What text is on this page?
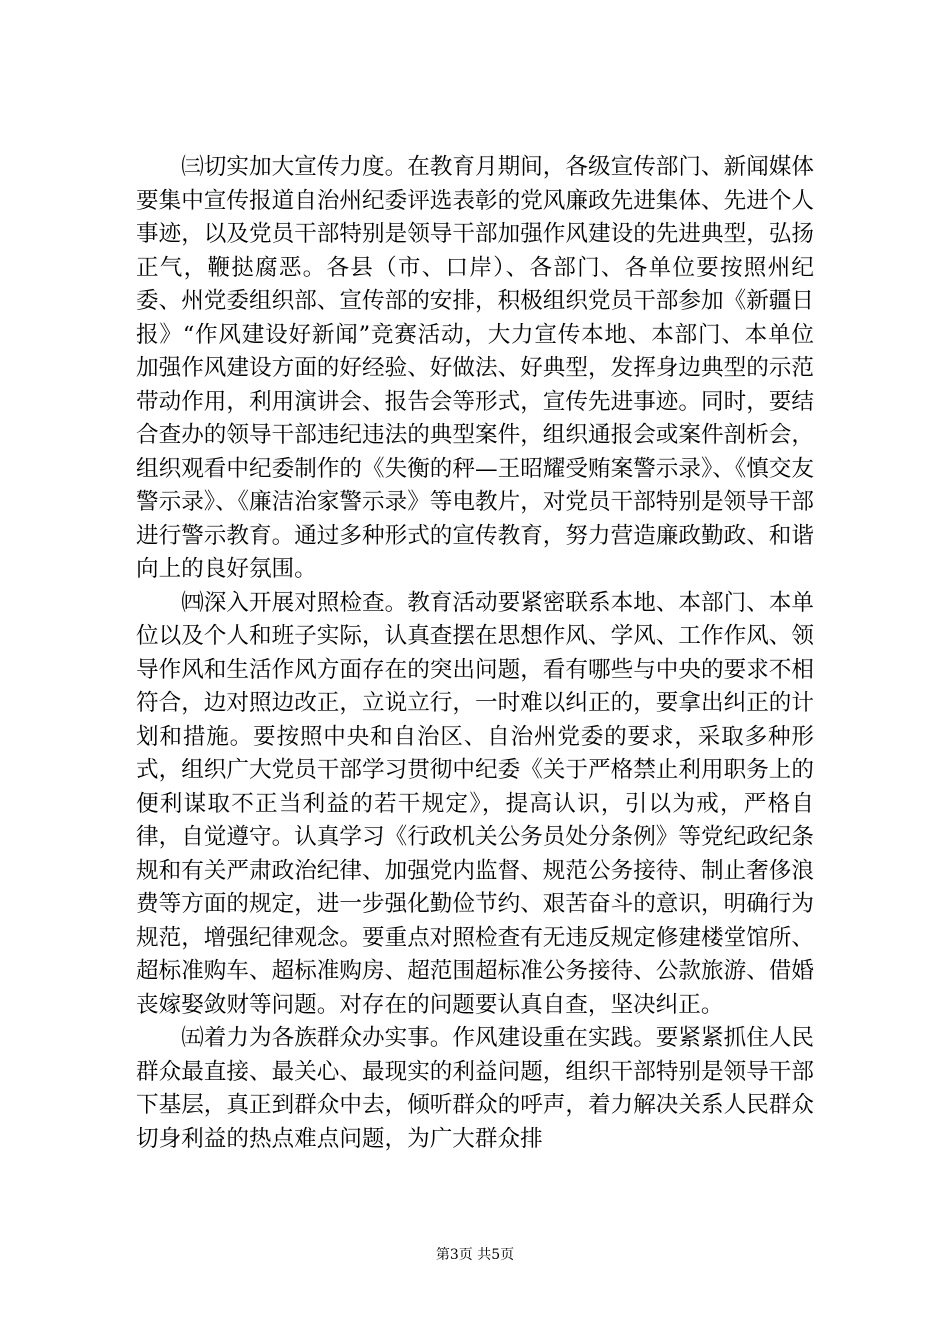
㈢切实加大宣传力度。在教育月期间，各级宣传部门、新闻媒体要集中宣传报道自治州纪委评选表彰的党风廉政先进集体、先进个人事迹，以及党员干部特别是领导干部加强作风建设的先进典型，弘扬正气，鞭挞腐恶。各县（市、口岸）、各部门、各单位要按照州纪委、州党委组织部、宣传部的安排，积极组织党员干部参加《新疆日报》“作风建设好新闻”竞赛活动，大力宣传本地、本部门、本单位加强作风建设方面的好经验、好做法、好典型，发挥身边典型的示范带动作用，利用演讲会、报告会等形式，宣传先进事迹。同时，要结合查办的领导干部违纪违法的典型案件，组织通报会或案件剖析会，组织观看中纪委制作的《失衡的秤—王昭耀受贿案警示录》、《慎交友警示录》、《廉洁治家警示录》等电教片，对党员干部特别是领导干部进行警示教育。通过多种形式的宣传教育，努力营造廉政勤政、和谐向上的良好氛围。

㈣深入开展对照检查。教育活动要紧密联系本地、本部门、本单位以及个人和班子实际，认真查摆在思想作风、学风、工作作风、领导作风和生活作风方面存在的突出问题，看有哪些与中央的要求不相符合，边对照边改正，立说立行，一时难以纠正的，要拿出纠正的计划和措施。要按照中央和自治区、自治州党委的要求，采取多种形式，组织广大党员干部学习贯彻中纪委《关于严格禁止利用职务上的便利谋取不正当利益的若干规定》，提高认识，引以为戒，严格自律，自觉遵守。认真学习《行政机关公务员处分条例》等党纪政纪条规和有关严肃政治纪律、加强党内监督、规范公务接待、制止奢侈浪费等方面的规定，进一步强化勤俭节约、艰苦奋斗的意识，明确行为规范，增强纪律观念。要重点对照检查有无违反规定修建楼堂馆所、超标准购车、超标准购房、超范围超标准公务接待、公款旅游、借婚丧嫁娶敛财等问题。对存在的问题要认真自查，坚决纠正。

㈤着力为各族群众办实事。作风建设重在实践。要紧紧抓住人民群众最直接、最关心、最现实的利益问题，组织干部特别是领导干部下基层，真正到群众中去，倾听群众的呼声，着力解决关系人民群众切身利益的热点难点问题，为广大群众排

第3页 共5页
